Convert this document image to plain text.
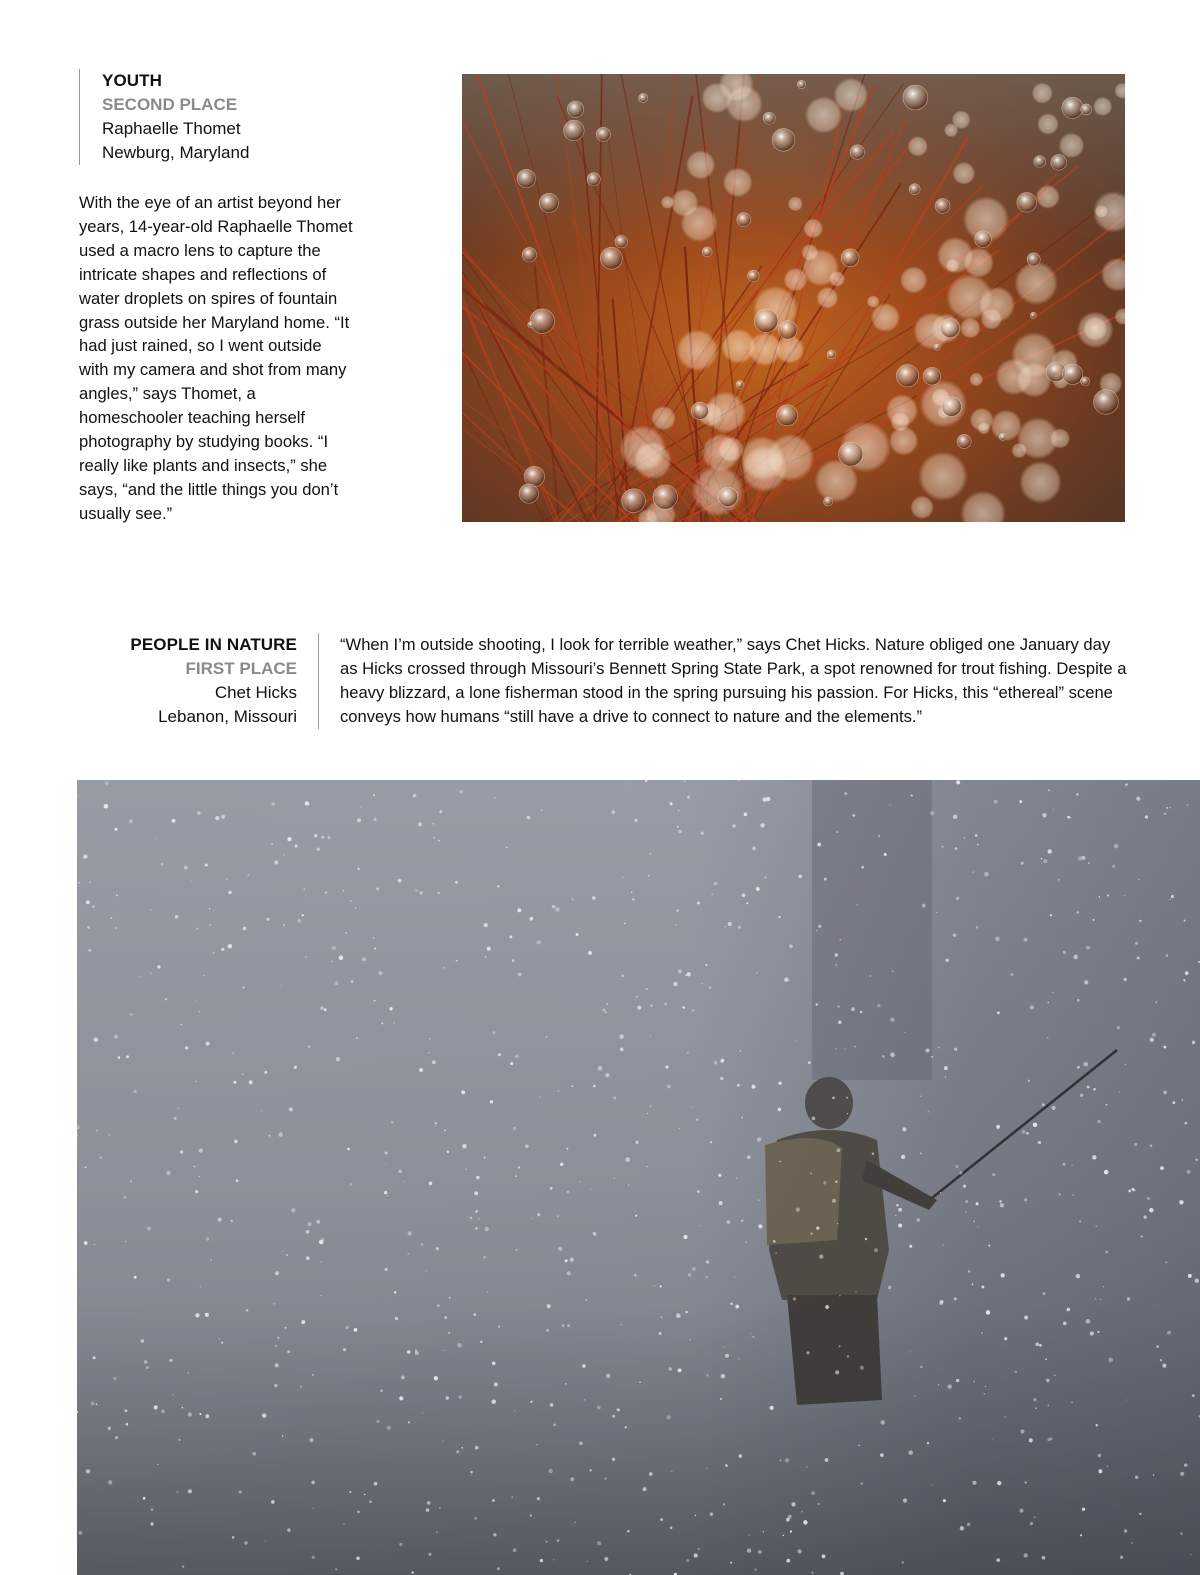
YOUTH
SECOND PLACE
Raphaelle Thomet
Newburg, Maryland

With the eye of an artist beyond her years, 14-year-old Raphaelle Thomet used a macro lens to capture the intricate shapes and reflections of water droplets on spires of fountain grass outside her Maryland home. “It had just rained, so I went outside with my camera and shot from many angles,” says Thomet, a homeschooler teaching herself photography by studying books. “I really like plants and insects,” she says, “and the little things you don’t usually see.”

PEOPLE IN NATURE
FIRST PLACE
Chet Hicks
Lebanon, Missouri

“When I’m outside shooting, I look for terrible weather,” says Chet Hicks. Nature obliged one January day as Hicks crossed through Missouri’s Bennett Spring State Park, a spot renowned for trout fishing. Despite a heavy blizzard, a lone fisherman stood in the spring pursuing his passion. For Hicks, this “ethereal” scene conveys how humans “still have a drive to connect to nature and the elements.”
